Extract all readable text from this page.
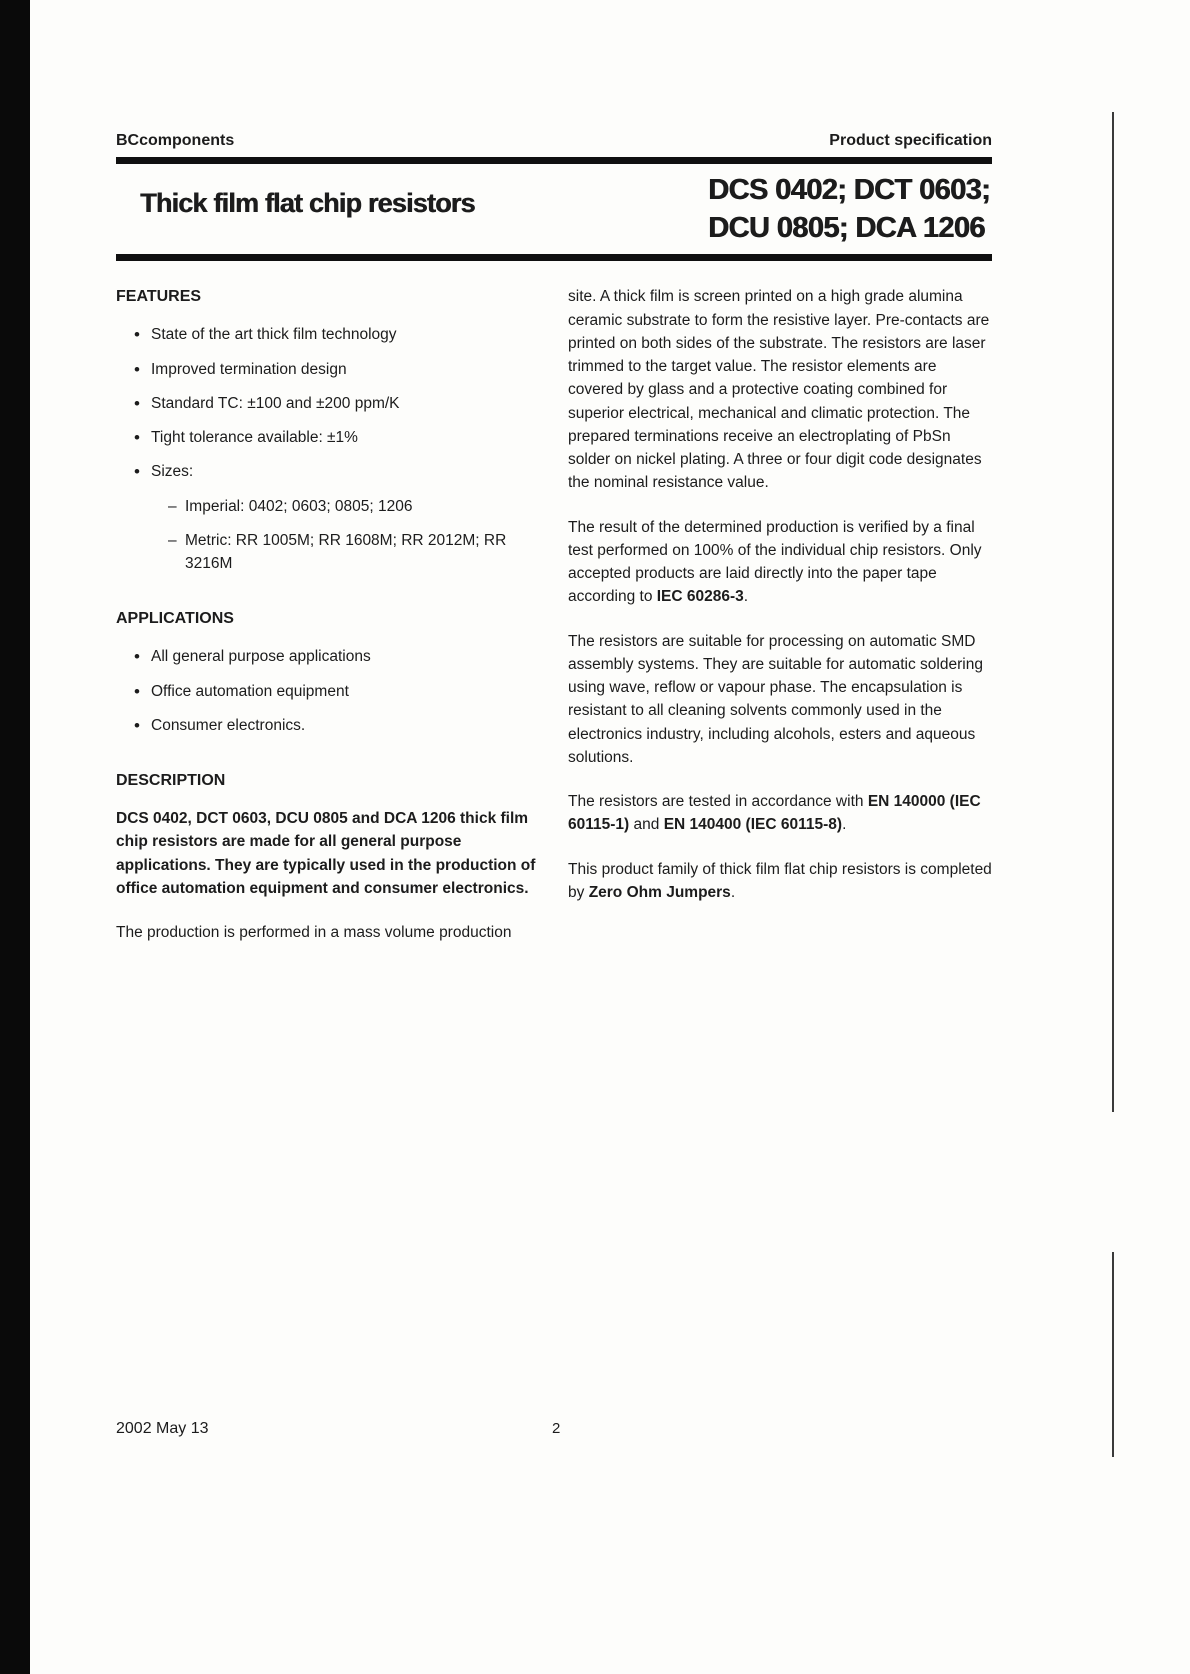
BCcomponents	Product specification
Thick film flat chip resistors	DCS 0402; DCT 0603;
DCU 0805; DCA 1206
FEATURES
• State of the art thick film technology
• Improved termination design
• Standard TC: ±100 and ±200 ppm/K
• Tight tolerance available: ±1%
• Sizes:
– Imperial: 0402; 0603; 0805; 1206
– Metric: RR 1005M; RR 1608M; RR 2012M; RR 3216M
APPLICATIONS
• All general purpose applications
• Office automation equipment
• Consumer electronics.
DESCRIPTION

DCS 0402, DCT 0603, DCU 0805 and DCA 1206 thick film chip resistors are made for all general purpose applications. They are typically used in the production of office automation equipment and consumer electronics.

The production is performed in a mass volume production

site. A thick film is screen printed on a high grade alumina ceramic substrate to form the resistive layer. Pre-contacts are printed on both sides of the substrate. The resistors are laser trimmed to the target value. The resistor elements are covered by glass and a protective coating combined for superior electrical, mechanical and climatic protection. The prepared terminations receive an electroplating of PbSn solder on nickel plating. A three or four digit code designates the nominal resistance value.

The result of the determined production is verified by a final test performed on 100% of the individual chip resistors. Only accepted products are laid directly into the paper tape according to IEC 60286-3.

The resistors are suitable for processing on automatic SMD assembly systems. They are suitable for automatic soldering using wave, reflow or vapour phase. The encapsulation is resistant to all cleaning solvents commonly used in the electronics industry, including alcohols, esters and aqueous solutions.

The resistors are tested in accordance with EN 140000 (IEC 60115-1) and EN 140400 (IEC 60115-8).

This product family of thick film flat chip resistors is completed by Zero Ohm Jumpers.

2002 May 13	2
